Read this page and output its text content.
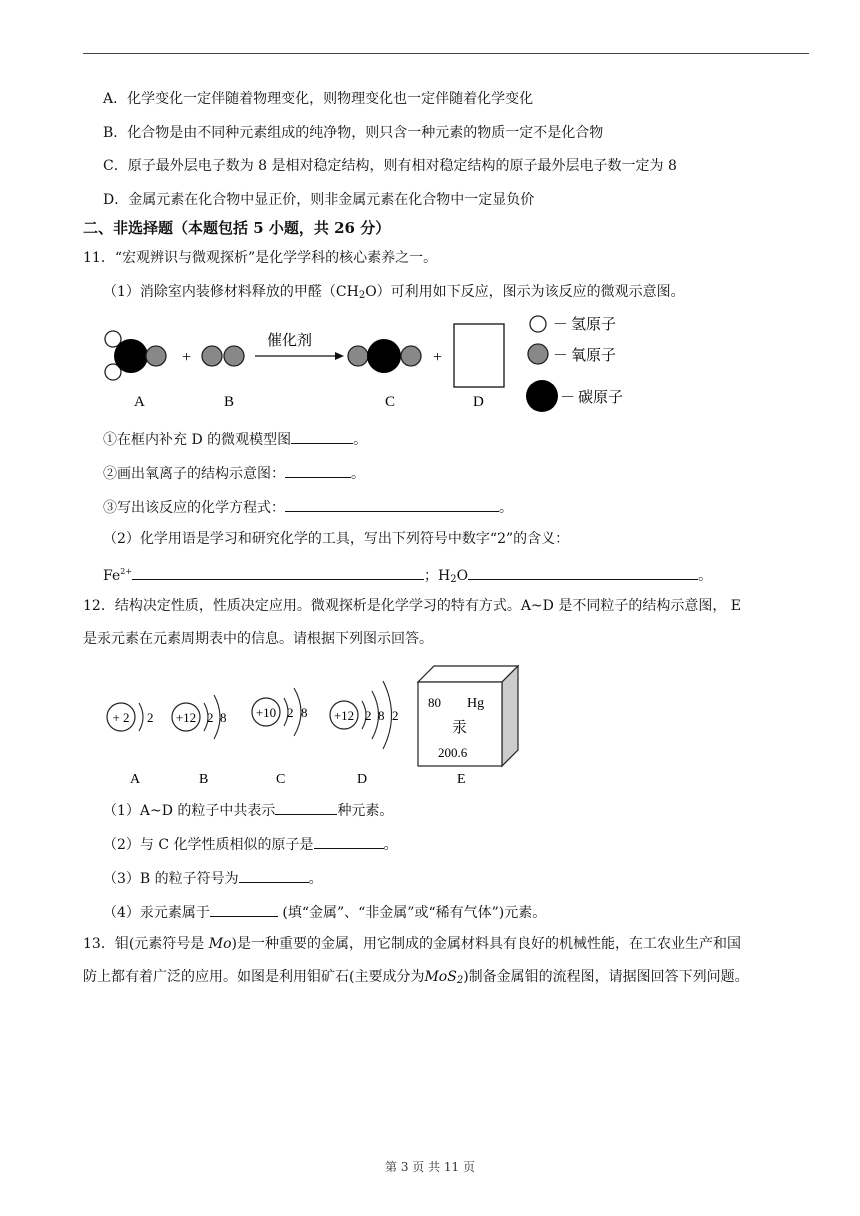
A．化学变化一定伴随着物理变化，则物理变化也一定伴随着化学变化
B．化合物是由不同种元素组成的纯净物，则只含一种元素的物质一定不是化合物
C．原子最外层电子数为 8 是相对稳定结构，则有相对稳定结构的原子最外层电子数一定为 8
D．金属元素在化合物中显正价，则非金属元素在化合物中一定显负价
二、非选择题（本题包括 5 小题，共 26 分）
11．“宏观辨识与微观探析”是化学学科的核心素养之一。
（1）消除室内装修材料释放的甲醛$(CH_2O)$可利用如下反应，图示为该反应的微观示意图。
+
催化剂
+
A	B	C	D
－ 氢原子
－ 氧原子
－ 碳原子
①在框内补充 D 的微观模型图	。
②画出氧离子的结构示意图：	。
③写出该反应的化学方程式：	。
（2）化学用语是学习和研究化学的工具，写出下列符号中数字“2”的含义：
$Fe^{2+}$	；$H_2O$	。
12．结构决定性质，性质决定应用。微观探析是化学学习的特有方式。A~D 是不同粒子的结构示意图， E
是汞元素在元素周期表中的信息。请根据下列图示回答。
+ 2 2 +12 2 8 +10 2 8 +12 2 8 2
80 Hg
汞
200.6
A	B	C	D	E
（1）A~D 的粒子中共表示	种元素。
（2）与 C 化学性质相似的原子是	。
（3）B 的粒子符号为	。
（4）汞元素属于	(填“金属”、“非金属”或“稀有气体”)元素。
13．钼(元素符号是 Mo)是一种重要的金属，用它制成的金属材料具有良好的机械性能，在工农业生产和国
防上都有着广泛的应用。如图是利用钼矿石(主要成分为MoS$_2$)制备金属钼的流程图，请据图回答下列问题。
第 3 页 共 11 页
